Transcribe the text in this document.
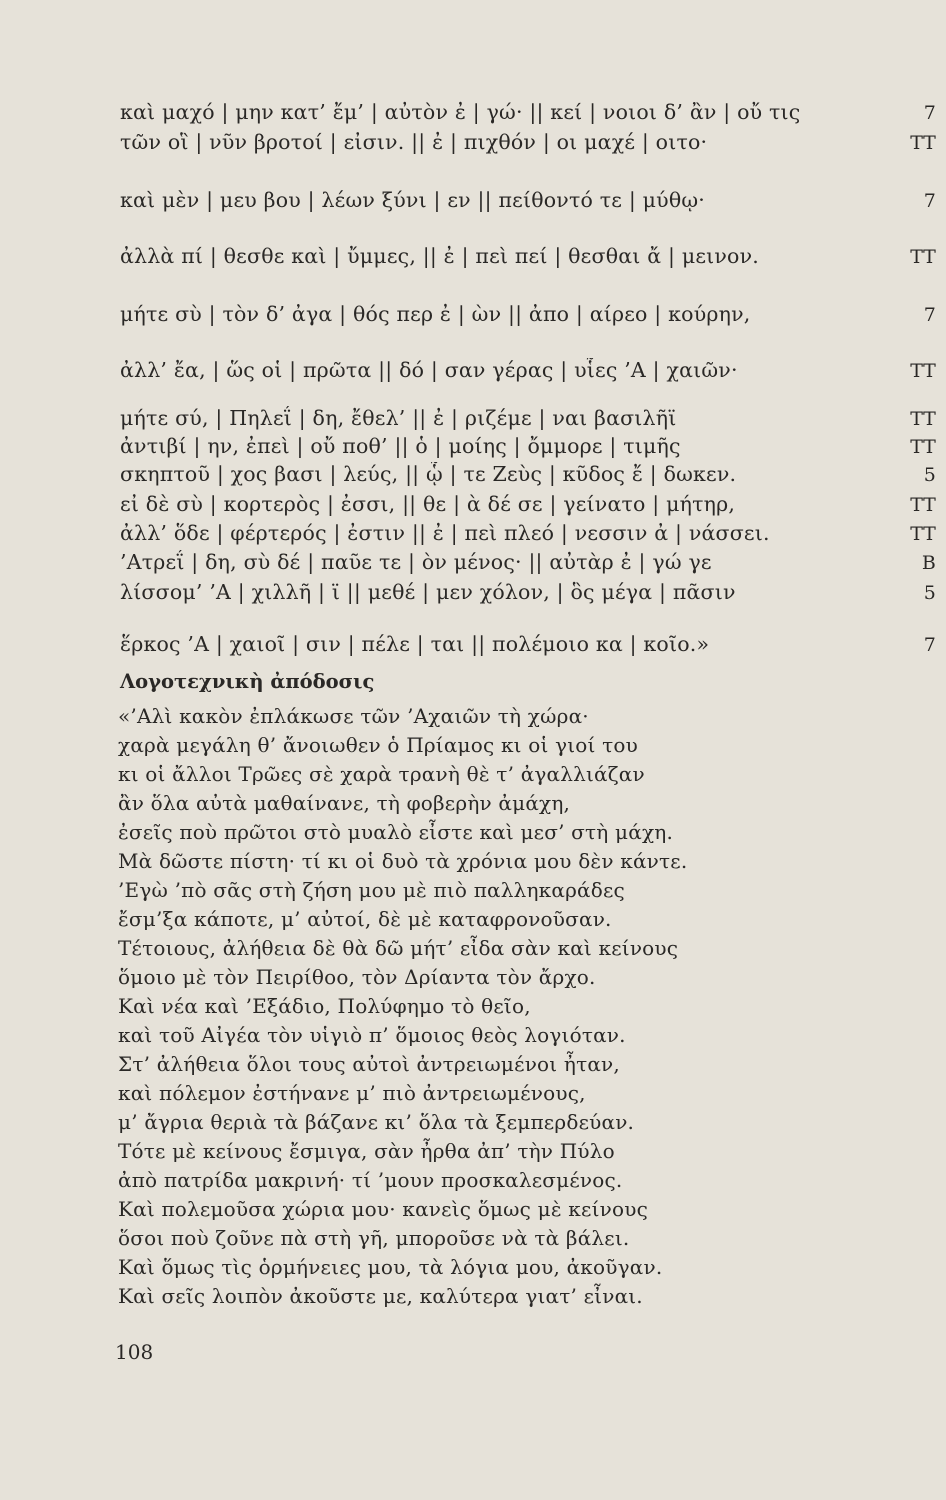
καὶ μαχό | μην κατ’ ἔμ’ | αὐτὸν ἐ | γώ· || κεί | νοιοι δ’ ἂν | οὔ τις	7
τῶν οἳ | νῦν βροτοί | εἰσιν. || ἐ | πιχθόν | οι μαχέ | οιτο·	ΤΤ
καὶ μὲν | μευ βου | λέων ξύνι | εν || πείθοντό τε | μύθῳ·	7
ἀλλὰ πί | θεσθε καὶ | ὔμμες, || ἐ | πεὶ πεί | θεσθαι ἄ | μεινον.	ΤΤ
μήτε σὺ | τὸν δ’ ἀγα | θός περ ἐ | ὼν || ἀπο | αίρεο | κούρην,	7
ἀλλ’ ἔα, | ὥς οἱ | πρῶτα || δό | σαν γέρας | υἷες ’Α | χαιῶν·	ΤΤ
μήτε σύ, | Πηλεΐ | δη, ἔθελ’ || ἐ | ριζέμε | ναι βασιλῆϊ	ΤΤ
ἀντιβί | ην, ἐπεὶ | οὔ ποθ’ || ὁ | μοίης | ὄμμορε | τιμῆς	ΤΤ
σκηπτοῦ | χος βασι | λεύς, || ᾧ | τε Ζεὺς | κῦδος ἔ | δωκεν.	5
εἰ δὲ σὺ | κορτερὸς | ἐσσι, || θε | ὰ δέ σε | γείνατο | μήτηρ,	ΤΤ
ἀλλ’ ὅδε | φέρτερός | ἐστιν || ἐ | πεὶ πλεό | νεσσιν ἀ | νάσσει.	ΤΤ
’Ατρεΐ | δη, σὺ δέ | παῦε τε | ὸν μένος· || αὐτὰρ ἐ | γώ γε	Β
λίσσομ’ ’Α | χιλλῆ | ϊ || μεθέ | μεν χόλον, | ὃς μέγα | πᾶσιν	5
ἕρκος ’Α | χαιοῖ | σιν | πέλε | ται || πολέμοιο κα | κοῖο.»	7
Λογοτεχνικὴ ἀπόδοσις
«’Αλὶ κακὸν ἐπλάκωσε τῶν ’Αχαιῶν τὴ χώρα·
χαρὰ μεγάλη θ’ ἄνοιωθεν ὁ Πρίαμος κι οἱ γιοί του
κι οἱ ἄλλοι Τρῶες σὲ χαρὰ τρανὴ θὲ τ’ ἀγαλλιάζαν
ἂν ὅλα αὐτὰ μαθαίνανε, τὴ φοβερὴν ἀμάχη,
ἐσεῖς ποὺ πρῶτοι στὸ μυαλὸ εἶστε καὶ μεσ’ στὴ μάχη.
Μὰ δῶστε πίστη· τί κι οἱ δυὸ τὰ χρόνια μου δὲν κάντε.
’Εγὼ ’πὸ σᾶς στὴ ζήση μου μὲ πιὸ παλληκαράδες
ἔσμ’ξα κάποτε, μ’ αὐτοί, δὲ μὲ καταφρονοῦσαν.
Τέτοιους, ἀλήθεια δὲ θὰ δῶ μήτ’ εἶδα σὰν καὶ κείνους
ὅμοιο μὲ τὸν Πειρίθοο, τὸν Δρίαντα τὸν ἄρχο.
Καὶ νέα καὶ ’Εξάδιο, Πολύφημο τὸ θεῖο,
καὶ τοῦ Αἰγέα τὸν υἱγιὸ π’ ὅμοιος θεὸς λογιόταν.
Στ’ ἀλήθεια ὅλοι τους αὐτοὶ ἀντρειωμένοι ἦταν,
καὶ πόλεμον ἐστήνανε μ’ πιὸ ἀντρειωμένους,
μ’ ἄγρια θεριὰ τὰ βάζανε κι’ ὅλα τὰ ξεμπερδεύαν.
Τότε μὲ κείνους ἔσμιγα, σὰν ἦρθα ἀπ’ τὴν Πύλο
ἀπὸ πατρίδα μακρινή· τί ’μουν προσκαλεσμένος.
Καὶ πολεμοῦσα χώρια μου· κανεὶς ὅμως μὲ κείνους
ὅσοι ποὺ ζοῦνε πὰ στὴ γῆ, μποροῦσε νὰ τὰ βάλει.
Καὶ ὅμως τὶς ὁρμήνειες μου, τὰ λόγια μου, ἀκοῦγαν.
Καὶ σεῖς λοιπὸν ἀκοῦστε με, καλύτερα γιατ’ εἶναι.
108
